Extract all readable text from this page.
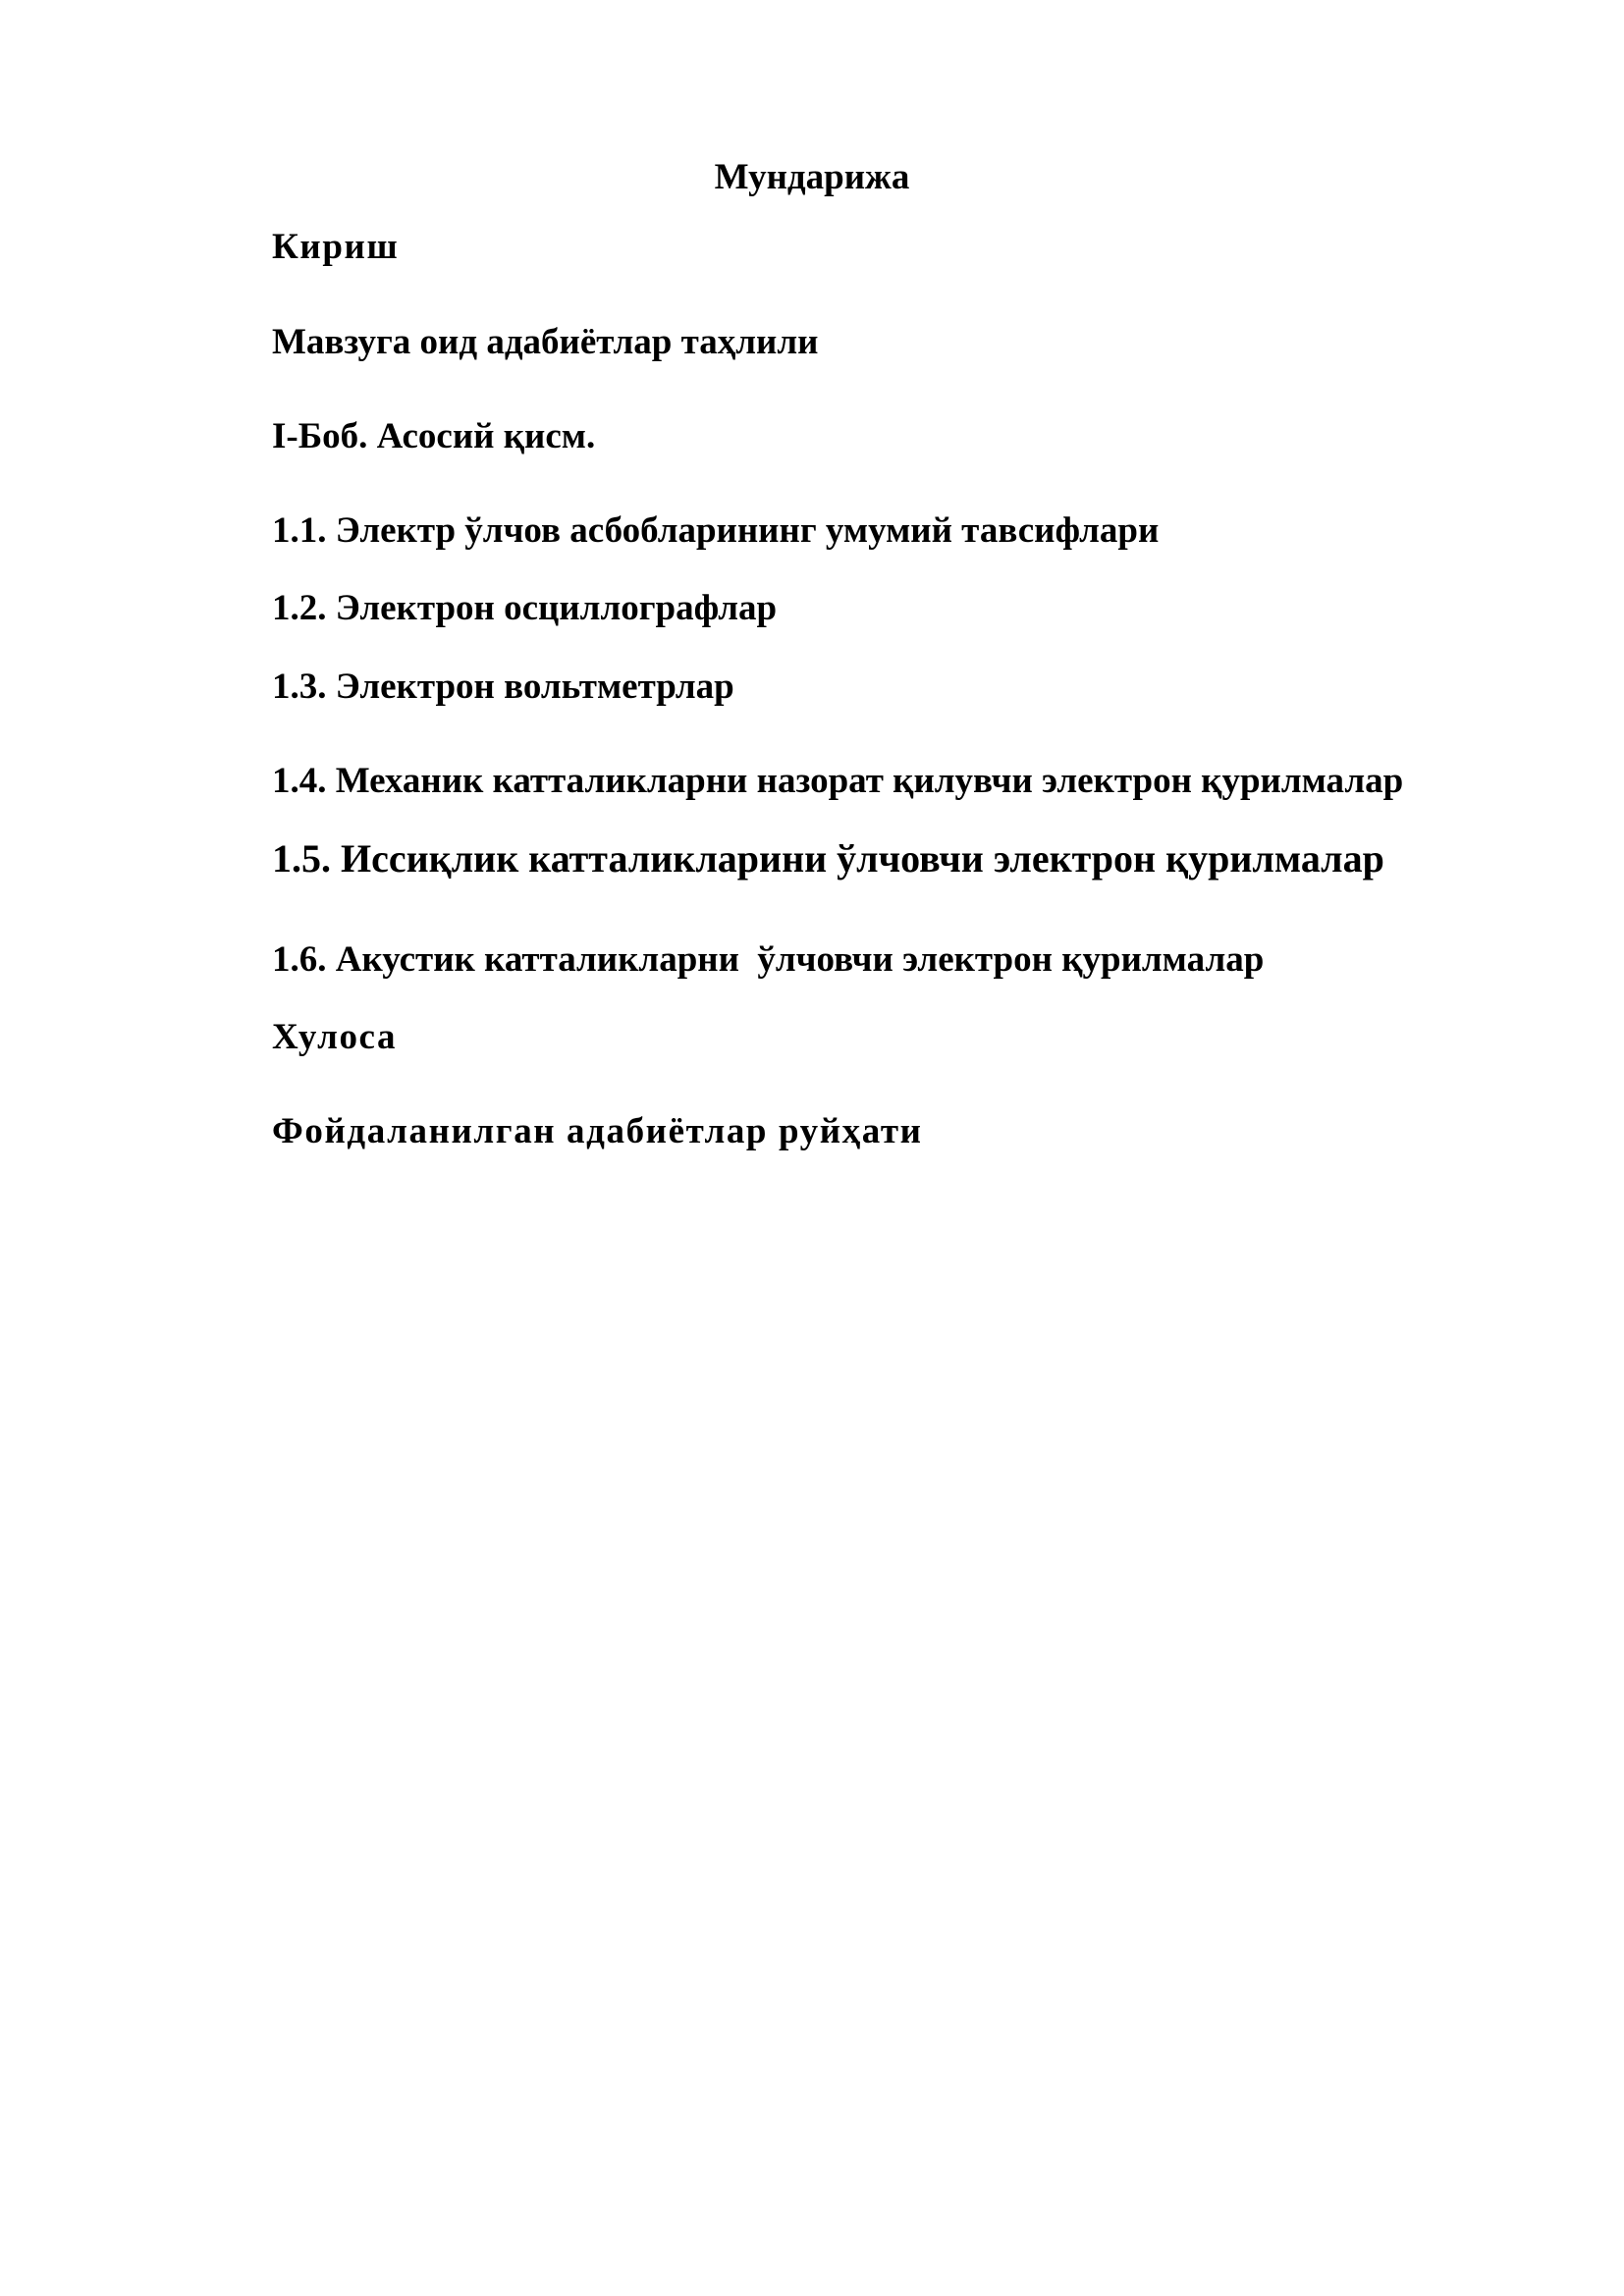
Мундарижа
Кириш
Мавзуга оид адабиётлар таҳлили
I-Боб. Асосий қисм.
1.1. Электр ўлчов асбобларининг умумий тавсифлари
1.2. Электрон осциллографлар
1.3. Электрон вольтметрлар
1.4. Механик катталикларни назорат қилувчи электрон қурилмалар
1.5. Иссиқлик катталикларини ўлчовчи электрон қурилмалар
1.6. Акустик катталикларни  ўлчовчи электрон қурилмалар
Хулоса
Фойдаланилган адабиётлар руйҳати
